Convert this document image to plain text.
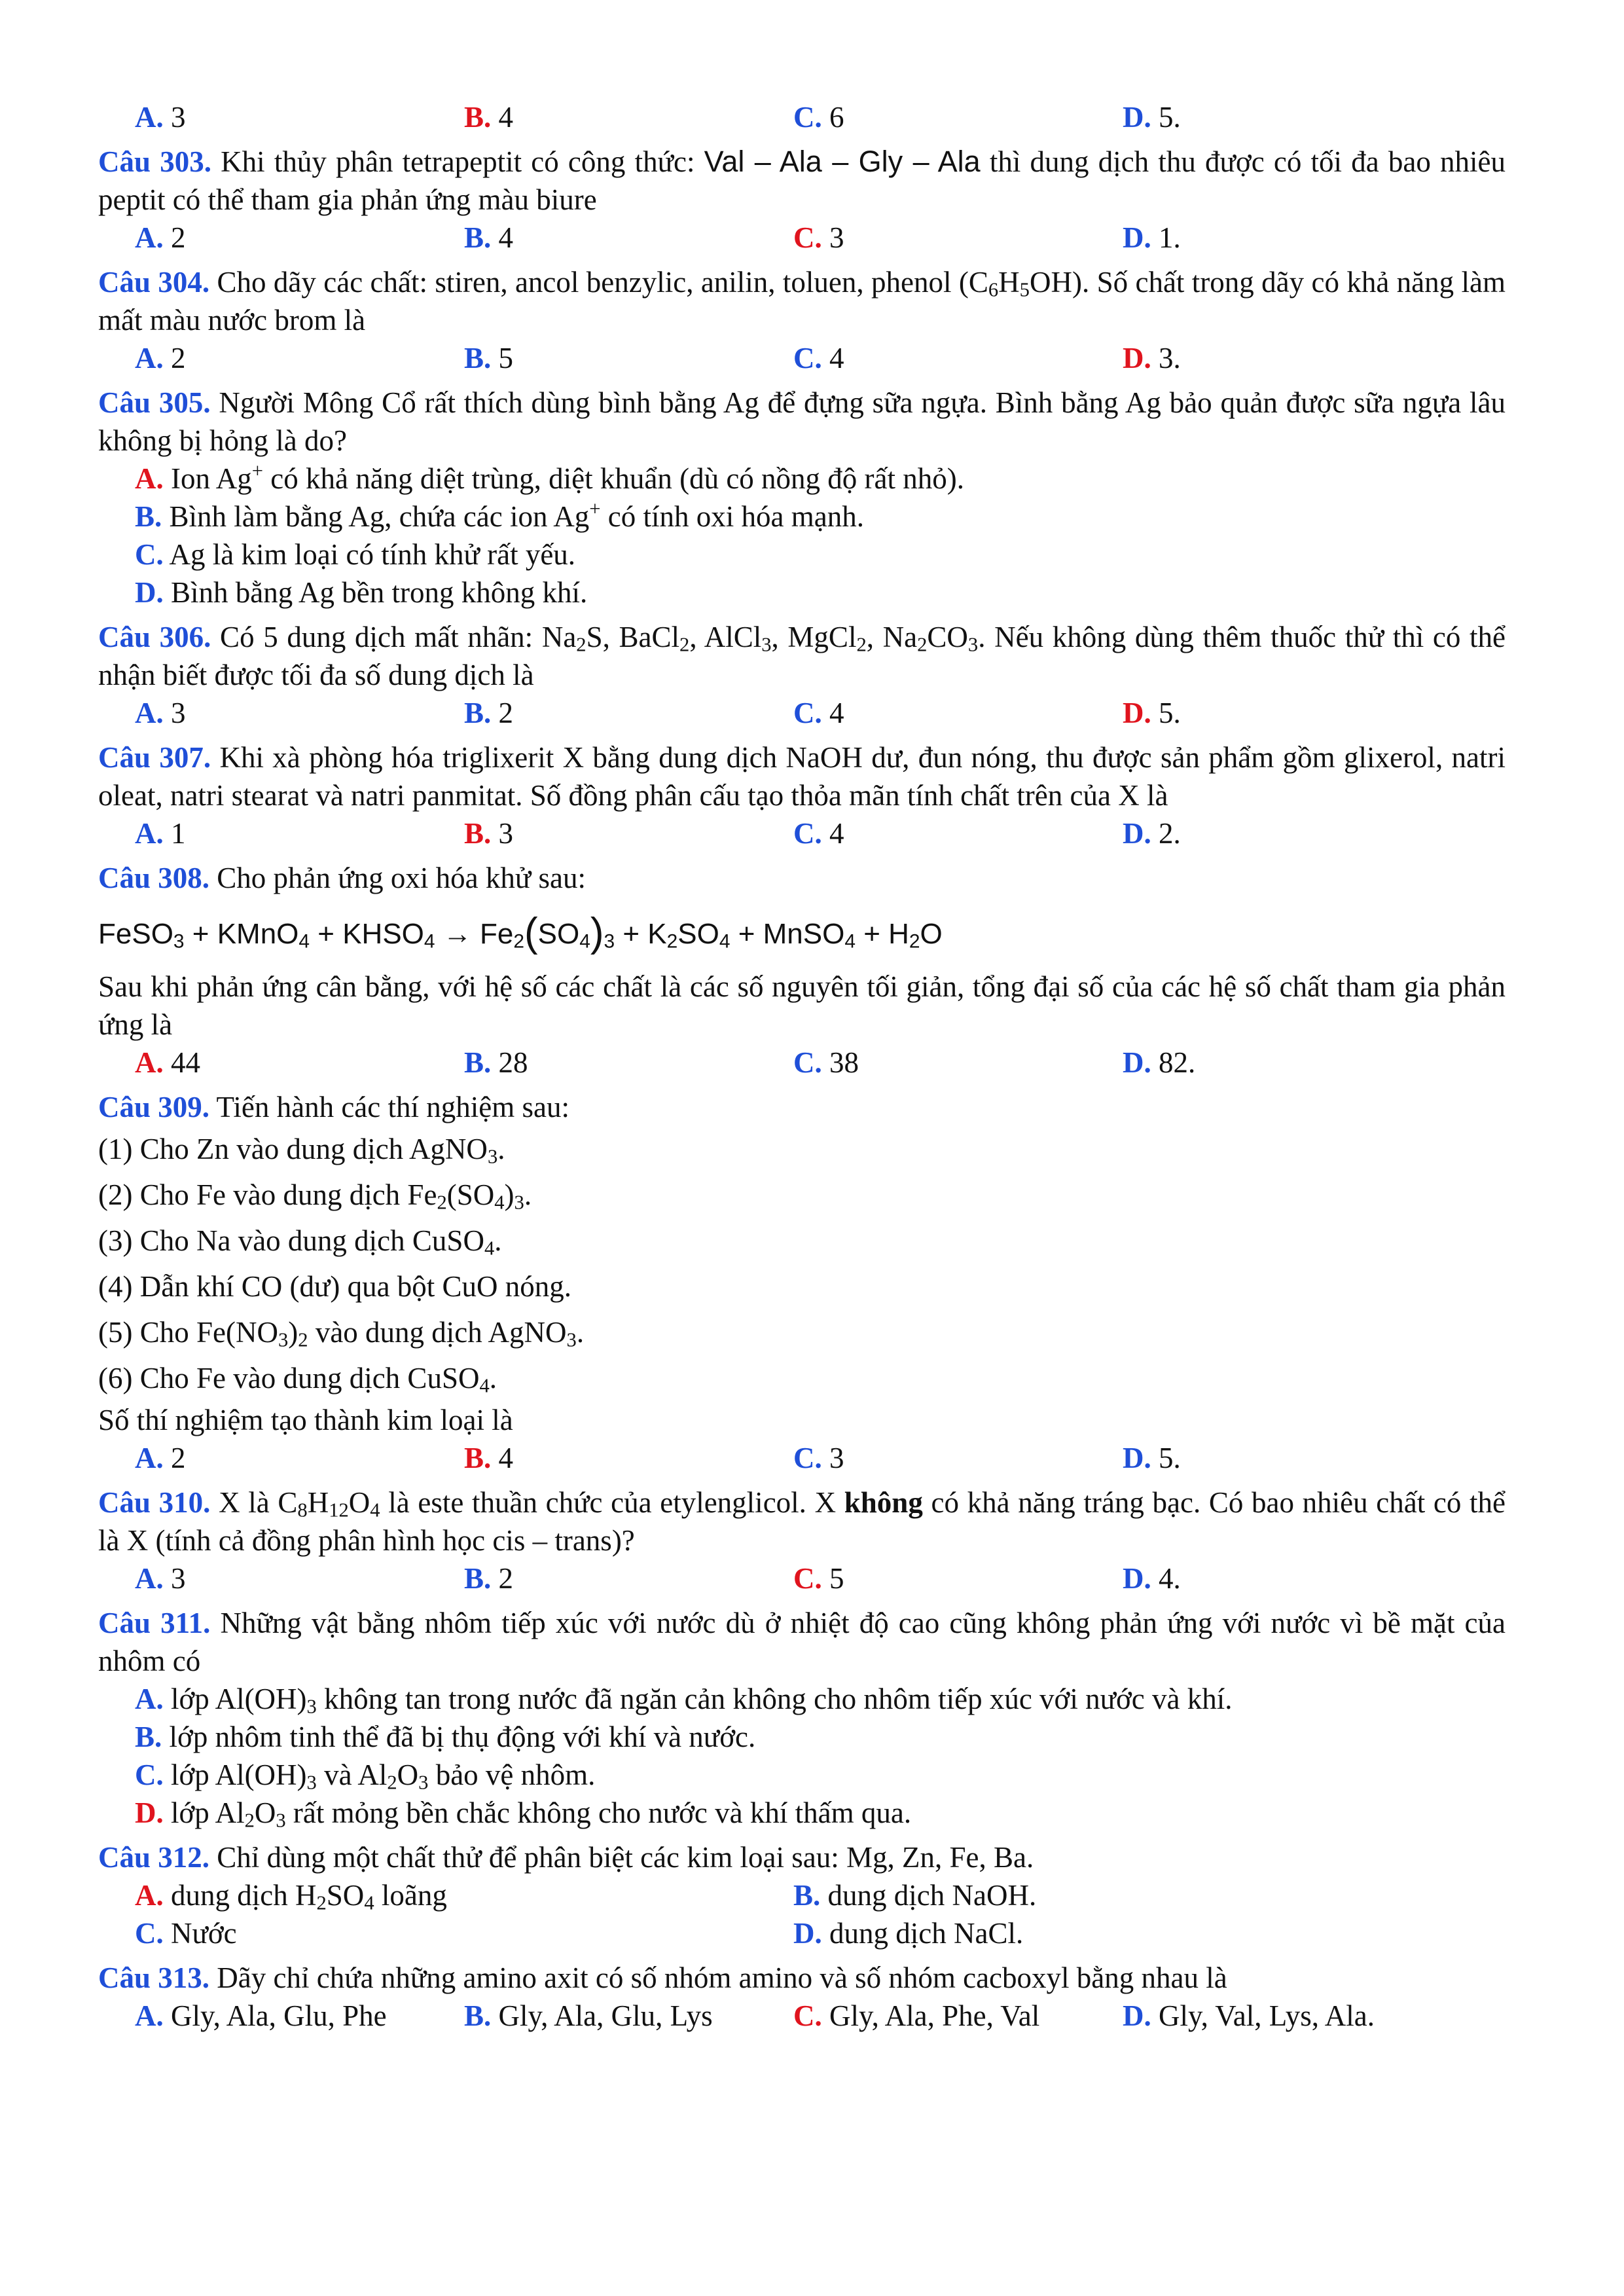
A. 3	B. 4	C. 6	D. 5.

Câu 303. Khi thủy phân tetrapeptit có công thức: Val – Ala – Gly – Ala thì dung dịch thu được có tối đa bao nhiêu peptit có thể tham gia phản ứng màu biure

A. 2	B. 4	C. 3	D. 1.

Câu 304. Cho dãy các chất: stiren, ancol benzylic, anilin, toluen, phenol $(C_6H_5OH)$. Số chất trong dãy có khả năng làm mất màu nước brom là

A. 2	B. 5	C. 4	D. 3.

Câu 305. Người Mông Cổ rất thích dùng bình bằng Ag để đựng sữa ngựa. Bình bằng Ag bảo quản được sữa ngựa lâu không bị hỏng là do?

A. Ion Ag+ có khả năng diệt trùng, diệt khuẩn (dù có nồng độ rất nhỏ).
B. Bình làm bằng Ag, chứa các ion Ag+ có tính oxi hóa mạnh.
C. Ag là kim loại có tính khử rất yếu.
D. Bình bằng Ag bền trong không khí.

Câu 306. Có 5 dung dịch mất nhãn: $Na_2S$, BaCl$_2$, AlCl$_3$, MgCl$_2$, $Na_2CO_3$. Nếu không dùng thêm thuốc thử thì có thể nhận biết được tối đa số dung dịch là

A. 3	B. 2	C. 4	D. 5.

Câu 307. Khi xà phòng hóa triglixerit X bằng dung dịch NaOH dư, đun nóng, thu được sản phẩm gồm glixerol, natri oleat, natri stearat và natri panmitat. Số đồng phân cấu tạo thỏa mãn tính chất trên của X là

A. 1	B. 3	C. 4	D. 2.

Câu 308. Cho phản ứng oxi hóa khử sau:

FeSO$_3$ + KMnO$_4$ + $KHSO_4 \to Fe_2(SO_4)_3 + K_2SO_4$ + MnSO$_4$ + $H_2O$

Sau khi phản ứng cân bằng, với hệ số các chất là các số nguyên tối giản, tổng đại số của các hệ số chất tham gia phản ứng là

A. 44	B. 28	C. 38	D. 82.

Câu 309. Tiến hành các thí nghiệm sau:

(1) Cho Zn vào dung dịch AgNO$_3$.

(2) Cho Fe vào dung dịch $Fe_2(SO_4)_3$.

(3) Cho Na vào dung dịch CuSO$_4$.

(4) Dẫn khí CO (dư) qua bột CuO nóng.

(5) Cho $Fe(NO_3)_2$ vào dung dịch AgNO$_3$.

(6) Cho Fe vào dung dịch CuSO$_4$.

Số thí nghiệm tạo thành kim loại là

A. 2	B. 4	C. 3	D. 5.

Câu 310. X là $C_8H_{12}O_4$ là este thuần chức của etylenglicol. X không có khả năng tráng bạc. Có bao nhiêu chất có thể là X (tính cả đồng phân hình học cis – trans)?

A. 3	B. 2	C. 5	D. 4.

Câu 311. Những vật bằng nhôm tiếp xúc với nước dù ở nhiệt độ cao cũng không phản ứng với nước vì bề mặt của nhôm có

A. lớp $Al(OH)_3$ không tan trong nước đã ngăn cản không cho nhôm tiếp xúc với nước và khí.
B. lớp nhôm tinh thể đã bị thụ động với khí và nước.
C. lớp $Al(OH)_3$ và $Al_2O_3$ bảo vệ nhôm.
D. lớp $Al_2O_3$ rất mỏng bền chắc không cho nước và khí thấm qua.

Câu 312. Chỉ dùng một chất thử để phân biệt các kim loại sau: Mg, Zn, Fe, Ba.

A. dung dịch $H_2SO_4$ loãng	B. dung dịch NaOH.
C. Nước	D. dung dịch NaCl.

Câu 313. Dãy chỉ chứa những amino axit có số nhóm amino và số nhóm cacboxyl bằng nhau là

A. Gly, Ala, Glu, Phe	B. Gly, Ala, Glu, Lys	C. Gly, Ala, Phe, Val	D. Gly, Val, Lys, Ala.
